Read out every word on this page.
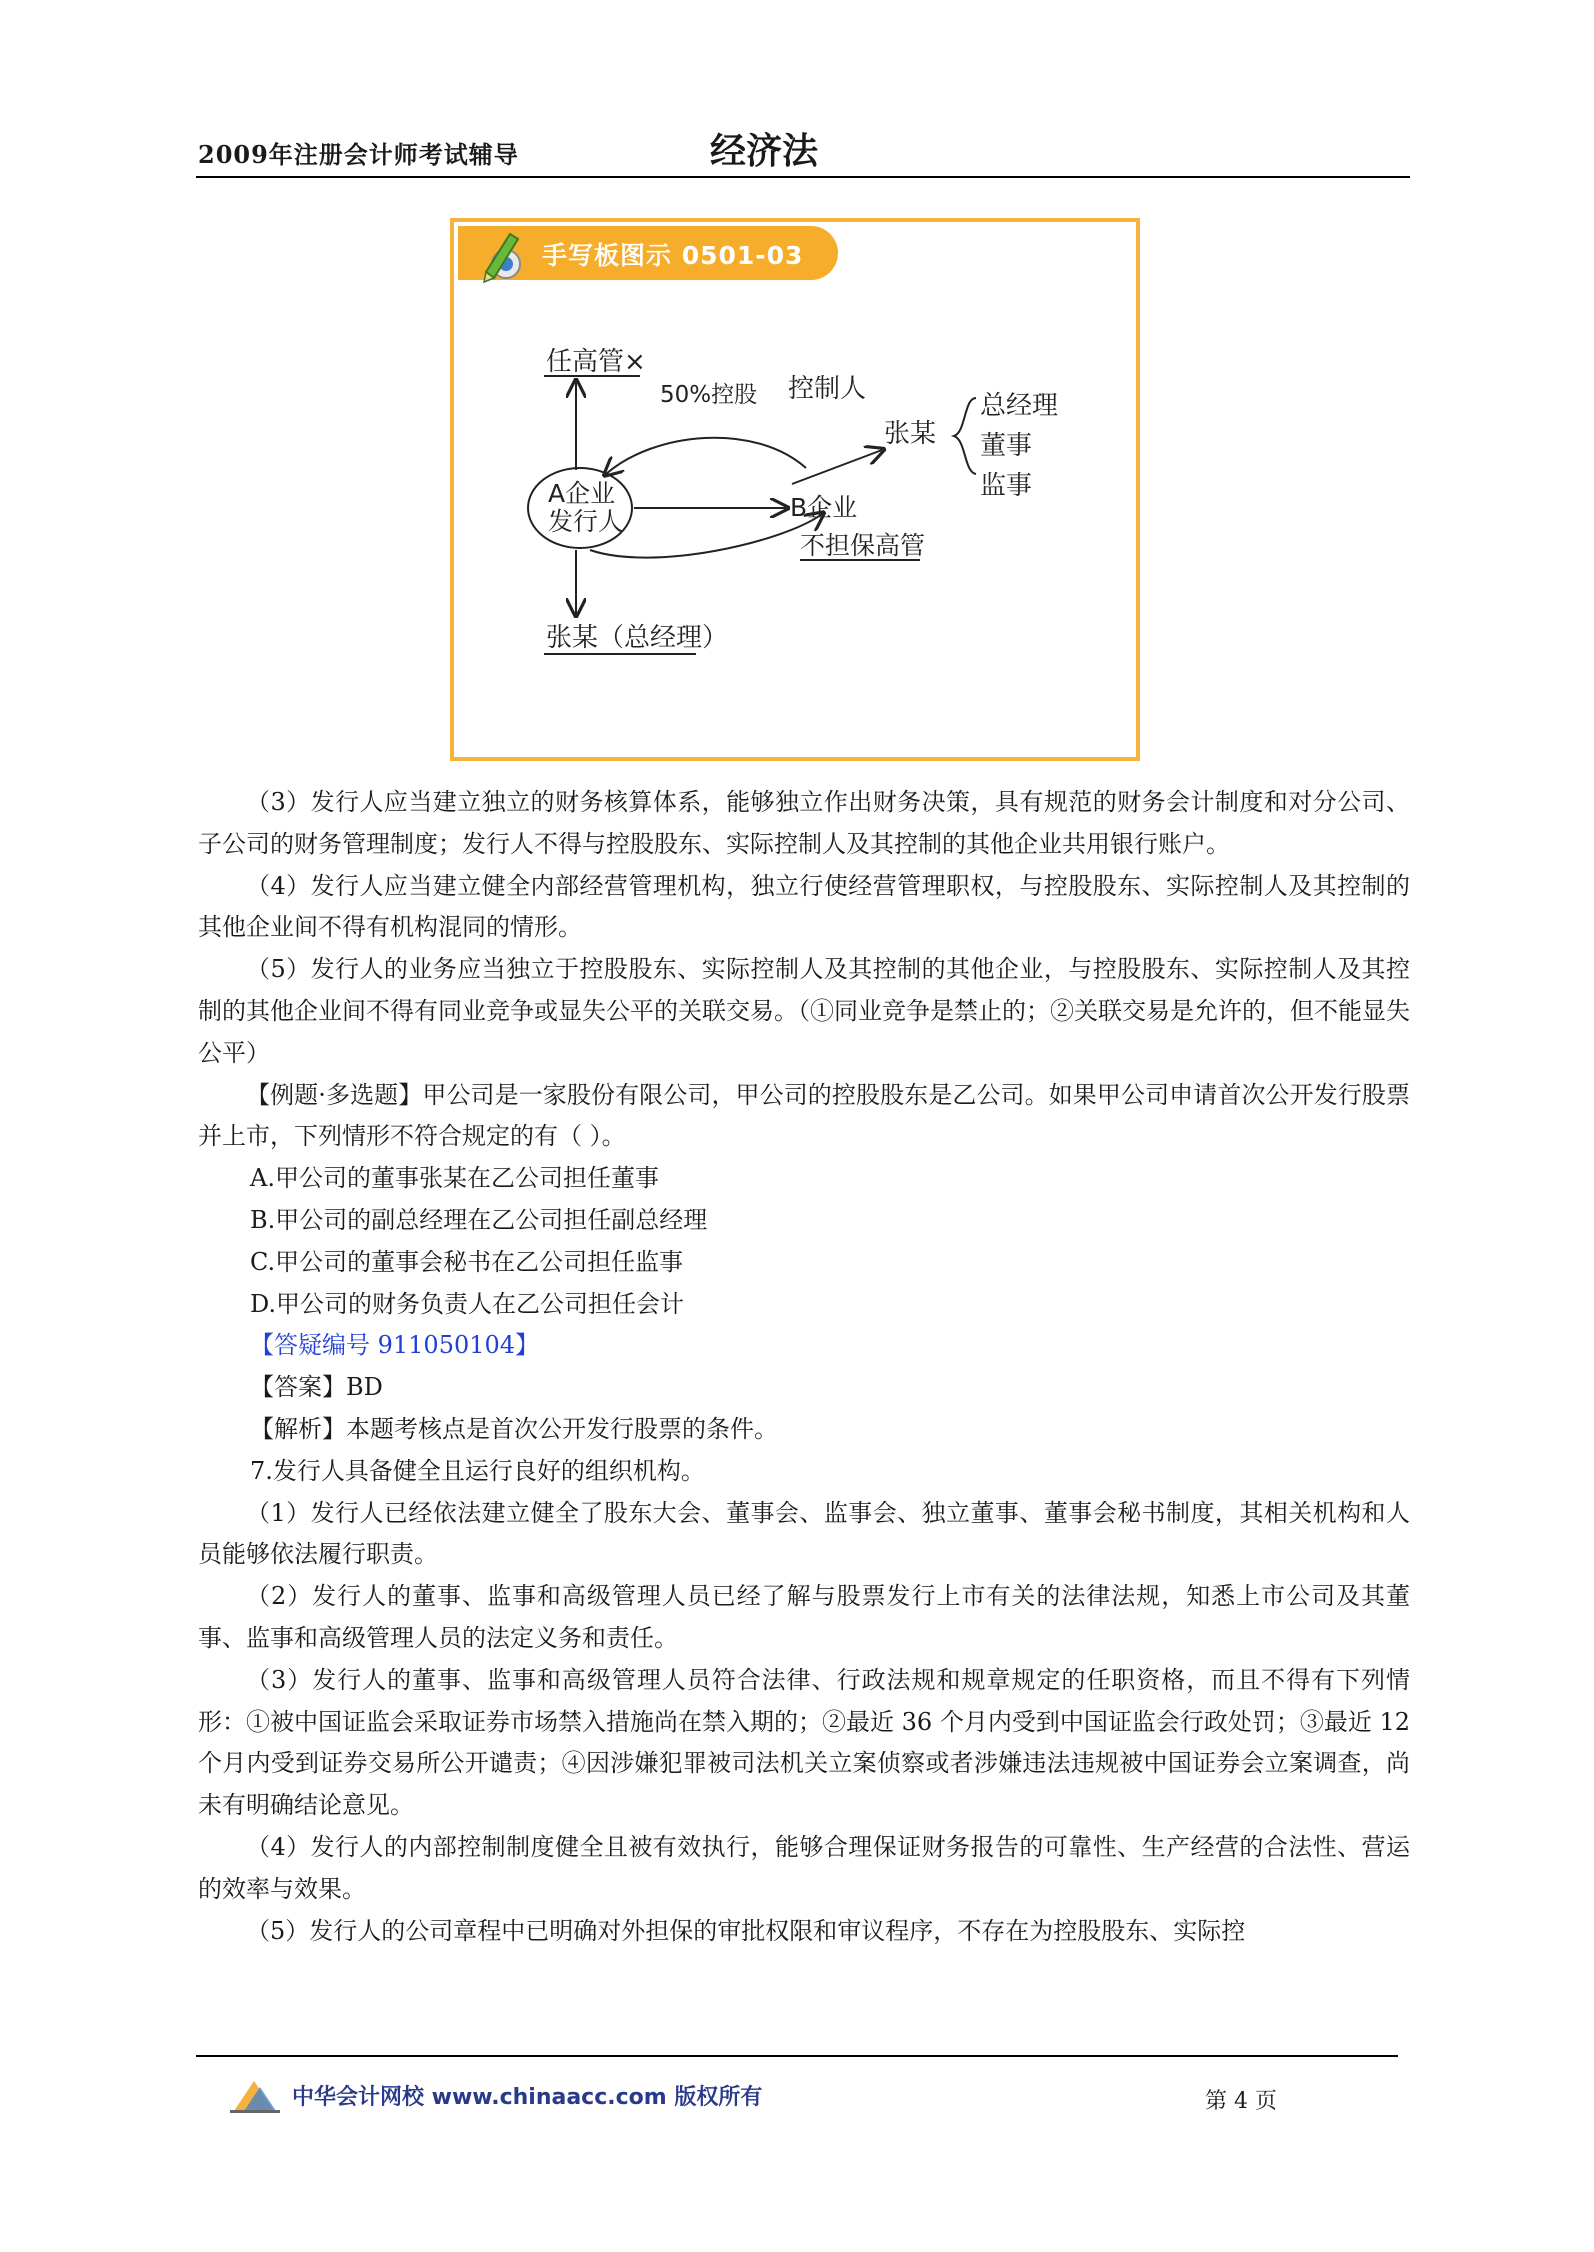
2009年注册会计师考试辅导	经济法
手写板图示 0501-03
任高管×
50%控股 控制人
张某
总经理
董事
监事
A企业
发行人	B企业
不担保高管
张某（总经理）

（3）发行人应当建立独立的财务核算体系，能够独立作出财务决策，具有规范的财务会计制度和对分公司、子公司的财务管理制度；发行人不得与控股股东、实际控制人及其控制的其他企业共用银行账户。

（4）发行人应当建立健全内部经营管理机构，独立行使经营管理职权，与控股股东、实际控制人及其控制的其他企业间不得有机构混同的情形。

（5）发行人的业务应当独立于控股股东、实际控制人及其控制的其他企业，与控股股东、实际控制人及其控制的其他企业间不得有同业竞争或显失公平的关联交易。（①同业竞争是禁止的；②关联交易是允许的，但不能显失公平）

【例题·多选题】甲公司是一家股份有限公司，甲公司的控股股东是乙公司。如果甲公司申请首次公开发行股票并上市，下列情形不符合规定的有（ ）。

A.甲公司的董事张某在乙公司担任董事

B.甲公司的副总经理在乙公司担任副总经理

C.甲公司的董事会秘书在乙公司担任监事

D.甲公司的财务负责人在乙公司担任会计

【答疑编号 911050104】

【答案】BD

【解析】本题考核点是首次公开发行股票的条件。

7.发行人具备健全且运行良好的组织机构。

（1）发行人已经依法建立健全了股东大会、董事会、监事会、独立董事、董事会秘书制度，其相关机构和人员能够依法履行职责。

（2）发行人的董事、监事和高级管理人员已经了解与股票发行上市有关的法律法规，知悉上市公司及其董事、监事和高级管理人员的法定义务和责任。

（3）发行人的董事、监事和高级管理人员符合法律、行政法规和规章规定的任职资格，而且不得有下列情形：①被中国证监会采取证券市场禁入措施尚在禁入期的；②最近 36 个月内受到中国证监会行政处罚；③最近 12 个月内受到证券交易所公开谴责；④因涉嫌犯罪被司法机关立案侦察或者涉嫌违法违规被中国证券会立案调查，尚未有明确结论意见。

（4）发行人的内部控制制度健全且被有效执行，能够合理保证财务报告的可靠性、生产经营的合法性、营运的效率与效果。

（5）发行人的公司章程中已明确对外担保的审批权限和审议程序，不存在为控股股东、实际控

中华会计网校 www.chinaacc.com 版权所有	第 4 页
